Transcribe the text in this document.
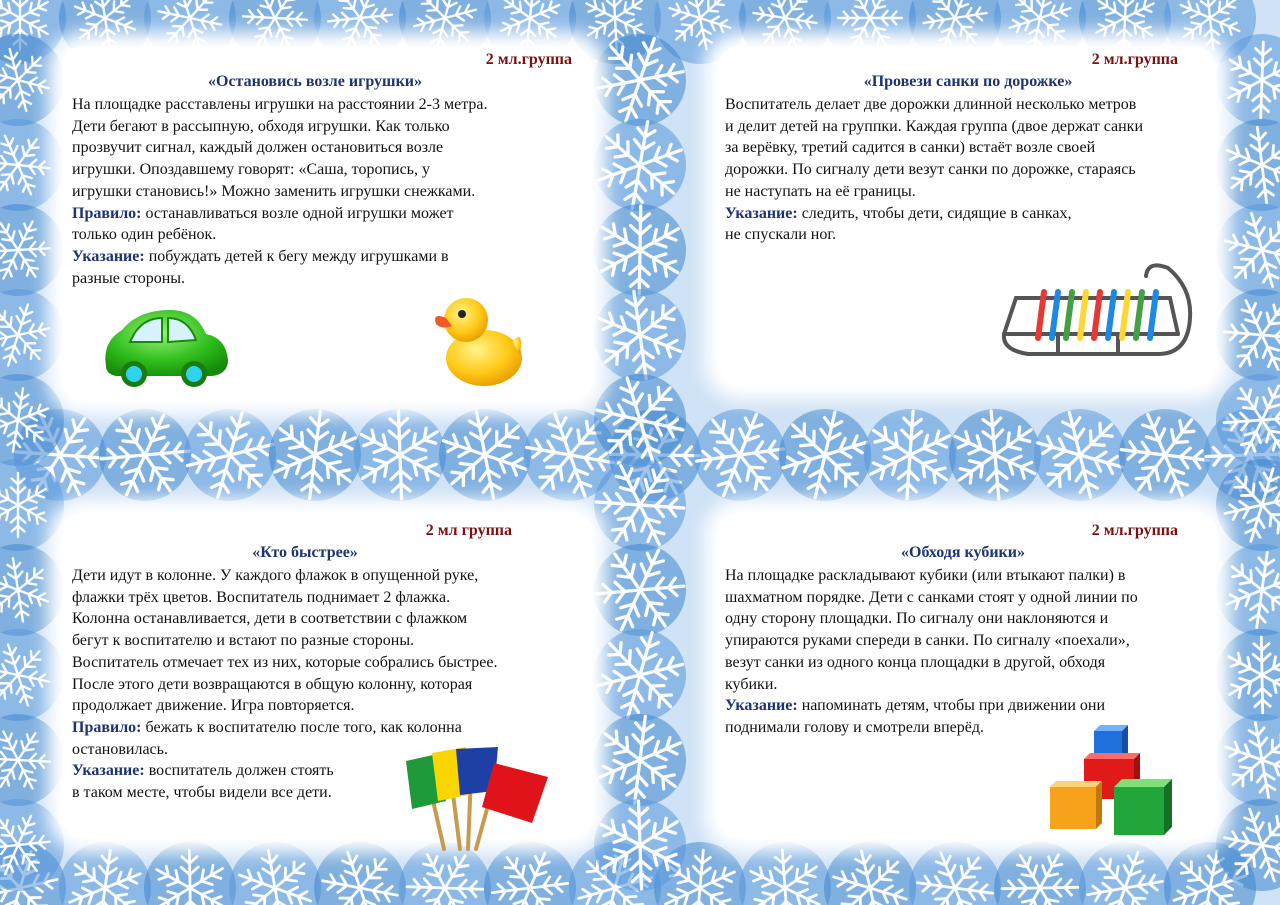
2 мл.группа
«Остановись возле игрушки»

На площадке расставлены игрушки на расстоянии 2-3 метра.

Дети бегают в рассыпную, обходя игрушки. Как только

прозвучит сигнал, каждый должен остановиться возле

игрушки. Опоздавшему говорят: «Саша, торопись, у

игрушки становись!» Можно заменить игрушки снежками.

Правило: останавливаться возле одной игрушки может

только один ребёнок.

Указание: побуждать детей к бегу между игрушками в

разные стороны.

2 мл.группа
«Провези санки по дорожке»

Воспитатель делает две дорожки длинной несколько метров

и делит детей на группки. Каждая группа (двое держат санки

за верёвку, третий садится в санки) встаёт возле своей

дорожки. По сигналу дети везут санки по дорожке, стараясь

не наступать на её границы.

Указание: следить, чтобы дети, сидящие в санках,

не спускали ног.

2 мл группа
«Кто быстрее»

Дети идут в колонне. У каждого флажок в опущенной руке,

флажки трёх цветов. Воспитатель поднимает 2 флажка.

Колонна останавливается, дети в соответствии с флажком

бегут к воспитателю и встают по разные стороны.

Воспитатель отмечает тех из них, которые собрались быстрее.

После этого дети возвращаются в общую колонну, которая

продолжает движение. Игра повторяется.

Правило: бежать к воспитателю после того, как колонна

остановилась.

Указание: воспитатель должен стоять

в таком месте, чтобы видели все дети.

2 мл.группа
«Обходя кубики»

На площадке раскладывают кубики (или втыкают палки) в

шахматном порядке. Дети с санками стоят у одной линии по

одну сторону площадки. По сигналу они наклоняются и

упираются руками спереди в санки. По сигналу «поехали»,

везут санки из одного конца площадки в другой, обходя

кубики.

Указание: напоминать детям, чтобы при движении они

поднимали голову и смотрели вперёд.
